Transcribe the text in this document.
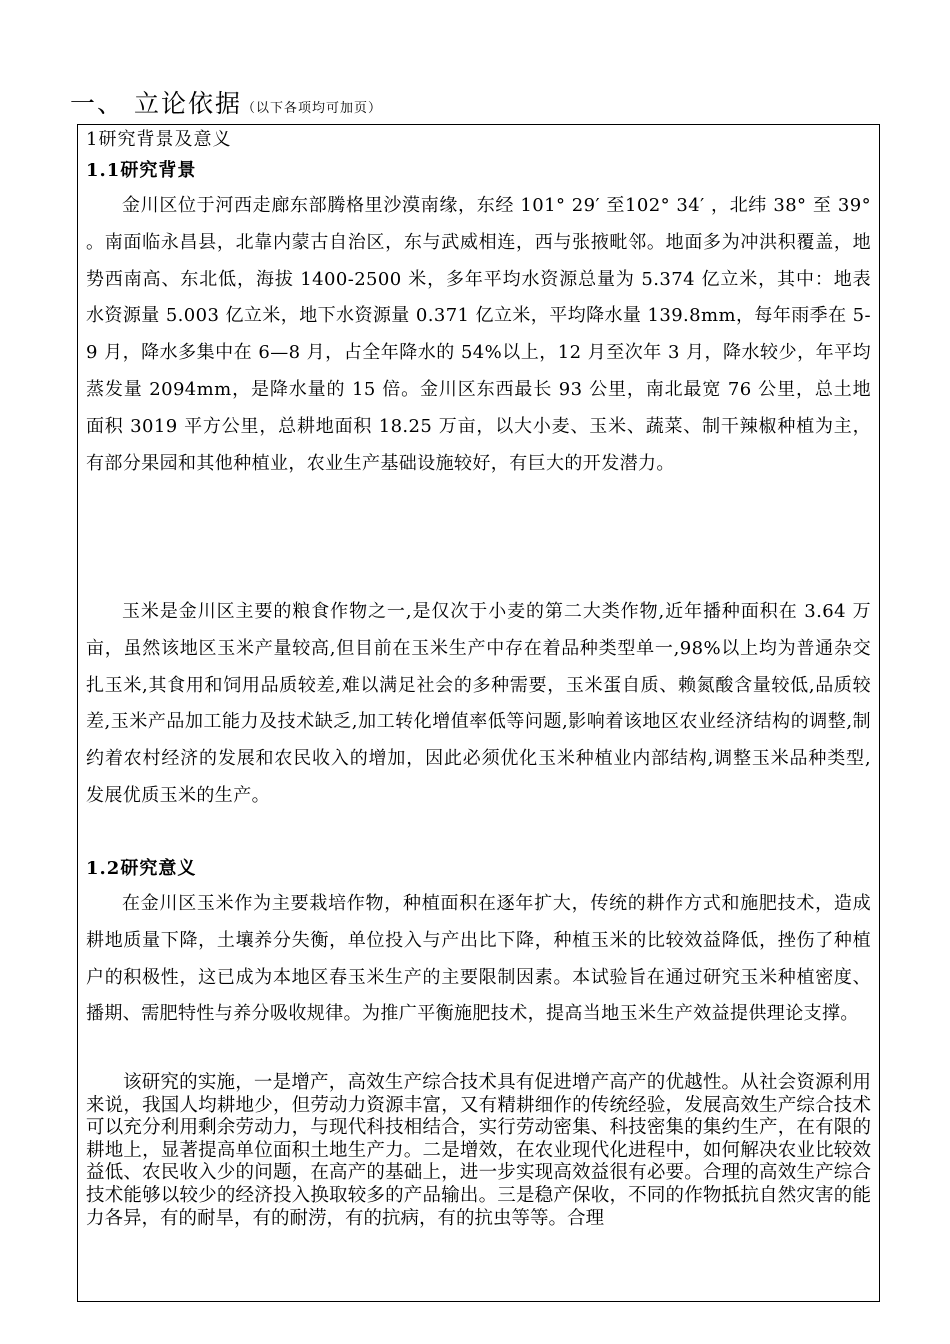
一、 立论依据（以下各项均可加页）
1研究背景及意义
1.1研究背景

金川区位于河西走廊东部腾格里沙漠南缘，东经 101° 29′ 至102° 34′ ，北纬 38° 至 39° 。南面临永昌县，北靠内蒙古自治区，东与武威相连，西与张掖毗邻。地面多为冲洪积覆盖，地势西南高、东北低，海拔 1400-2500 米，多年平均水资源总量为 5.374 亿立米，其中：地表水资源量 5.003 亿立米，地下水资源量 0.371 亿立米，平均降水量 139.8mm，每年雨季在 5-9 月，降水多集中在 6—8 月，占全年降水的 54%以上，12 月至次年 3 月，降水较少，年平均蒸发量 2094mm，是降水量的 15 倍。金川区东西最长 93 公里，南北最宽 76 公里，总土地面积 3019 平方公里，总耕地面积 18.25 万亩，以大小麦、玉米、蔬菜、制干辣椒种植为主，有部分果园和其他种植业，农业生产基础设施较好，有巨大的开发潜力。

玉米是金川区主要的粮食作物之一,是仅次于小麦的第二大类作物,近年播种面积在 3.64 万亩，虽然该地区玉米产量较高,但目前在玉米生产中存在着品种类型单一,98%以上均为普通杂交扎玉米,其食用和饲用品质较差,难以满足社会的多种需要，玉米蛋自质、赖氮酸含量较低,品质较差,玉米产品加工能力及技术缺乏,加工转化增值率低等问题,影响着该地区农业经济结构的调整,制约着农村经济的发展和农民收入的增加，因此必须优化玉米种植业内部结构,调整玉米品种类型,发展优质玉米的生产。

1.2研究意义

在金川区玉米作为主要栽培作物，种植面积在逐年扩大，传统的耕作方式和施肥技术，造成耕地质量下降，土壤养分失衡，单位投入与产出比下降，种植玉米的比较效益降低，挫伤了种植户的积极性，这已成为本地区春玉米生产的主要限制因素。本试验旨在通过研究玉米种植密度、播期、需肥特性与养分吸收规律。为推广平衡施肥技术，提高当地玉米生产效益提供理论支撑。

该研究的实施，一是增产，高效生产综合技术具有促进增产高产的优越性。从社会资源利用来说，我国人均耕地少，但劳动力资源丰富，又有精耕细作的传统经验，发展高效生产综合技术可以充分利用剩余劳动力，与现代科技相结合，实行劳动密集、科技密集的集约生产，在有限的耕地上，显著提高单位面积土地生产力。二是增效，在农业现代化进程中，如何解决农业比较效益低、农民收入少的问题，在高产的基础上，进一步实现高效益很有必要。合理的高效生产综合技术能够以较少的经济投入换取较多的产品输出。三是稳产保收，不同的作物抵抗自然灾害的能力各异，有的耐旱，有的耐涝，有的抗病，有的抗虫等等。合理
